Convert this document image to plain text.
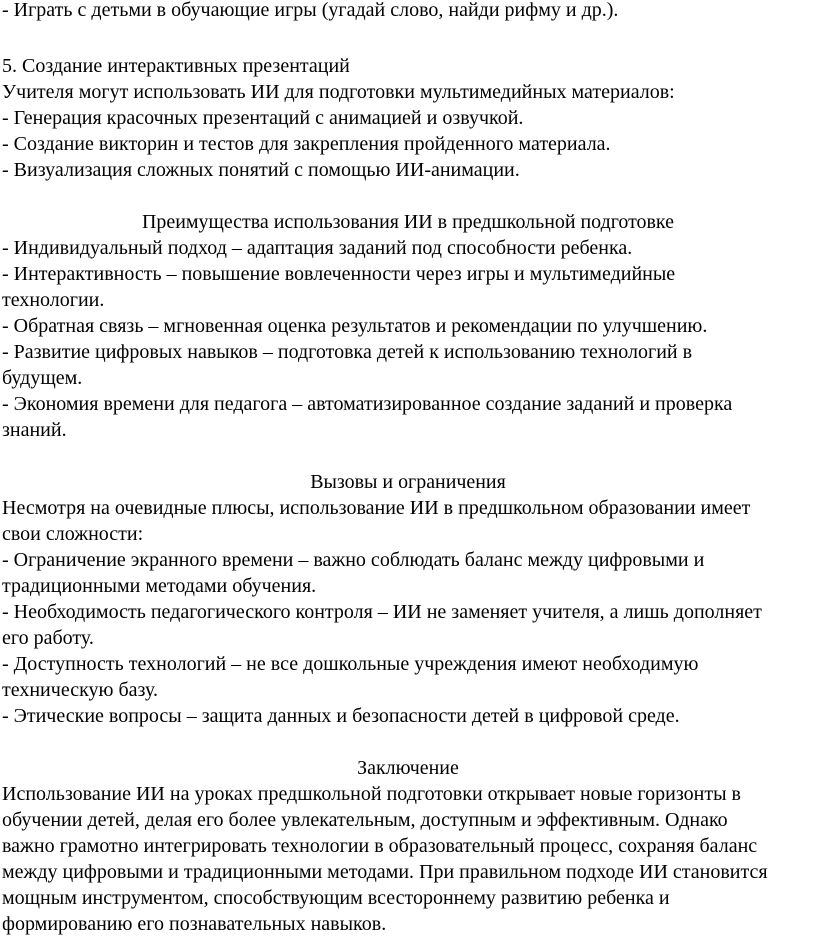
- Играть с детьми в обучающие игры (угадай слово, найди рифму и др.).

5. Создание интерактивных презентаций

Учителя могут использовать ИИ для подготовки мультимедийных материалов:

- Генерация красочных презентаций с анимацией и озвучкой.

- Создание викторин и тестов для закрепления пройденного материала.

- Визуализация сложных понятий с помощью ИИ-анимации.

Преимущества использования ИИ в предшкольной подготовке

- Индивидуальный подход – адаптация заданий под способности ребенка.

- Интерактивность – повышение вовлеченности через игры и мультимедийные

технологии.

- Обратная связь – мгновенная оценка результатов и рекомендации по улучшению.

- Развитие цифровых навыков – подготовка детей к использованию технологий в

будущем.

- Экономия времени для педагога – автоматизированное создание заданий и проверка

знаний.

Вызовы и ограничения

Несмотря на очевидные плюсы, использование ИИ в предшкольном образовании имеет

свои сложности:

- Ограничение экранного времени – важно соблюдать баланс между цифровыми и

традиционными методами обучения.

- Необходимость педагогического контроля – ИИ не заменяет учителя, а лишь дополняет

его работу.

- Доступность технологий – не все дошкольные учреждения имеют необходимую

техническую базу.

- Этические вопросы – защита данных и безопасности детей в цифровой среде.

Заключение

Использование ИИ на уроках предшкольной подготовки открывает новые горизонты в

обучении детей, делая его более увлекательным, доступным и эффективным. Однако

важно грамотно интегрировать технологии в образовательный процесс, сохраняя баланс

между цифровыми и традиционными методами. При правильном подходе ИИ становится

мощным инструментом, способствующим всестороннему развитию ребенка и

формированию его познавательных навыков.
